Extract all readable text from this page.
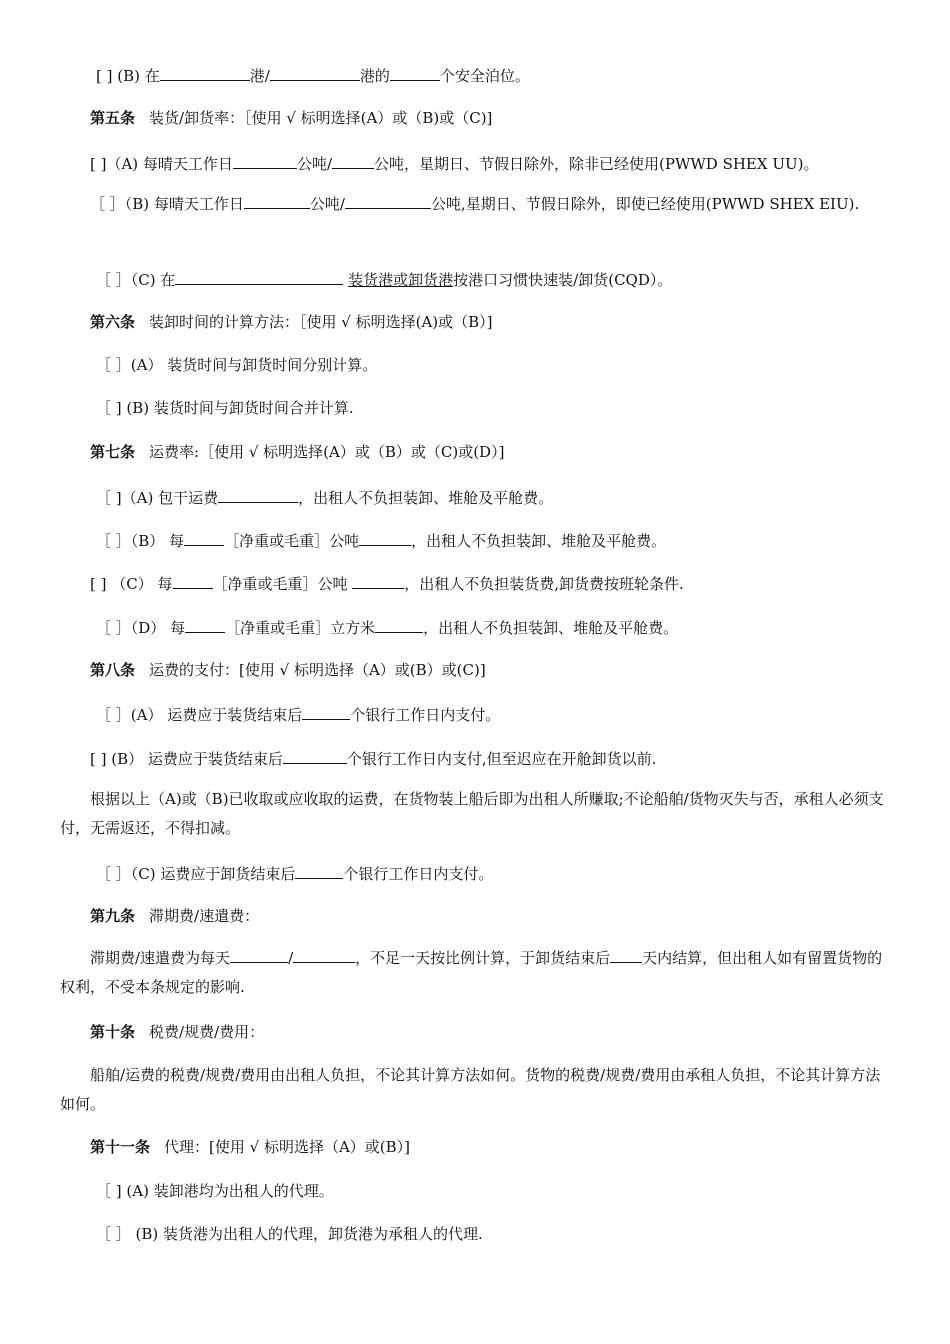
[ ] (B) 在	港/	港的	个安全泊位。
第五条 装货/卸货率：［使用 √ 标明选择(A）或（B)或（C)]
[ ]（A) 每晴天工作日	公吨/	公吨，星期日、节假日除外，除非已经使用(PWWD SHEX UU)。
［ ］（B) 每晴天工作日	公吨/	公吨,星期日、节假日除外，即使已经使用(PWWD SHEX EIU).
［ ］（C) 在	装货港或卸货港按港口习惯快速装/卸货(CQD）。
第六条 装卸时间的计算方法：［使用 √ 标明选择(A)或（B）]
［ ］(A） 装货时间与卸货时间分别计算。
［ ] (B) 装货时间与卸货时间合并计算.
第七条 运费率:［使用 √ 标明选择(A）或（B）或（C)或(D）]
［ ]（A) 包干运费	，出租人不负担装卸、堆舱及平舱费。
［ ］（B） 每	［净重或毛重］公吨	，出租人不负担装卸、堆舱及平舱费。
[ ] （C） 每	［净重或毛重］公吨	，出租人不负担装货费,卸货费按班轮条件.
［ ］（D） 每	［净重或毛重］立方米	，出租人不负担装卸、堆舱及平舱费。
第八条 运费的支付：[使用 √ 标明选择（A）或(B）或(C)]
［ ］(A） 运费应于装货结束后	个银行工作日内支付。
[ ] (B） 运费应于装货结束后	个银行工作日内支付,但至迟应在开舱卸货以前.
根据以上（A)或（B)已收取或应收取的运费，在货物装上船后即为出租人所赚取;不论船舶/货物灭失与否，承租人必须支付，无需返还，不得扣减。
［ ］（C) 运费应于卸货结束后	个银行工作日内支付。
第九条 滞期费/速遣费：
滞期费/速遣费为每天	/	，不足一天按比例计算，于卸货结束后 天内结算，但出租人如有留置货物的权利，不受本条规定的影响.
第十条 税费/规费/费用：
船舶/运费的税费/规费/费用由出租人负担，不论其计算方法如何。货物的税费/规费/费用由承租人负担，不论其计算方法如何。
第十一条 代理：[使用 √ 标明选择（A）或(B）]
［ ] (A) 装卸港均为出租人的代理。
［ ］ (B) 装货港为出租人的代理，卸货港为承租人的代理.
